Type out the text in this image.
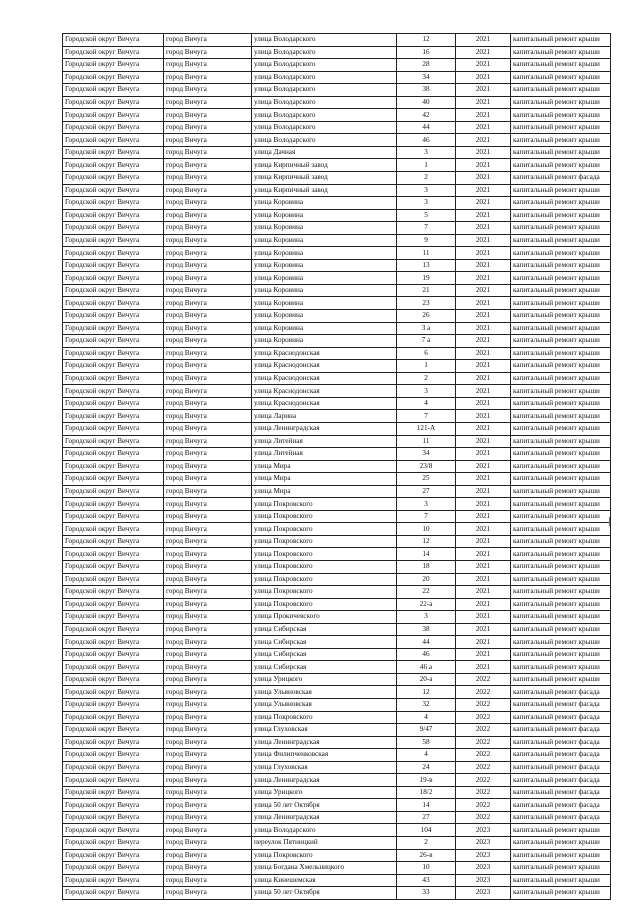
Городской округ Вичуга	город Вичуга	улица Володарского	12	2021	капитальный ремонт крыши
Городской округ Вичуга	город Вичуга	улица Володарского	16	2021	капитальный ремонт крыши
Городской округ Вичуга	город Вичуга	улица Володарского	28	2021	капитальный ремонт крыши
Городской округ Вичуга	город Вичуга	улица Володарского	34	2021	капитальный ремонт крыши
Городской округ Вичуга	город Вичуга	улица Володарского	38	2021	капитальный ремонт крыши
Городской округ Вичуга	город Вичуга	улица Володарского	40	2021	капитальный ремонт крыши
Городской округ Вичуга	город Вичуга	улица Володарского	42	2021	капитальный ремонт крыши
Городской округ Вичуга	город Вичуга	улица Володарского	44	2021	капитальный ремонт крыши
Городской округ Вичуга	город Вичуга	улица Володарского	46	2021	капитальный ремонт крыши
Городской округ Вичуга	город Вичуга	улица Дачная	3	2021	капитальный ремонт крыши
Городской округ Вичуга	город Вичуга	улица Кирпичный завод	1	2021	капитальный ремонт крыши
Городской округ Вичуга	город Вичуга	улица Кирпичный завод	2	2021	капитальный ремонт фасада
Городской округ Вичуга	город Вичуга	улица Кирпичный завод	3	2021	капитальный ремонт крыши
Городской округ Вичуга	город Вичуга	улица Коровина	3	2021	капитальный ремонт крыши
Городской округ Вичуга	город Вичуга	улица Коровина	5	2021	капитальный ремонт крыши
Городской округ Вичуга	город Вичуга	улица Коровина	7	2021	капитальный ремонт крыши
Городской округ Вичуга	город Вичуга	улица Коровина	9	2021	капитальный ремонт крыши
Городской округ Вичуга	город Вичуга	улица Коровина	11	2021	капитальный ремонт крыши
Городской округ Вичуга	город Вичуга	улица Коровина	13	2021	капитальный ремонт крыши
Городской округ Вичуга	город Вичуга	улица Коровина	19	2021	капитальный ремонт крыши
Городской округ Вичуга	город Вичуга	улица Коровина	21	2021	капитальный ремонт крыши
Городской округ Вичуга	город Вичуга	улица Коровина	23	2021	капитальный ремонт крыши
Городской округ Вичуга	город Вичуга	улица Коровина	26	2021	капитальный ремонт крыши
Городской округ Вичуга	город Вичуга	улица Коровина	3 а	2021	капитальный ремонт крыши
Городской округ Вичуга	город Вичуга	улица Коровина	7 а	2021	капитальный ремонт крыши
Городской округ Вичуга	город Вичуга	улица Краснодонская	6	2021	капитальный ремонт крыши
Городской округ Вичуга	город Вичуга	улица Краснодонская	1	2021	капитальный ремонт крыши
Городской округ Вичуга	город Вичуга	улица Краснодонская	2	2021	капитальный ремонт крыши
Городской округ Вичуга	город Вичуга	улица Краснодонская	3	2021	капитальный ремонт крыши
Городской округ Вичуга	город Вичуга	улица Краснодонская	4	2021	капитальный ремонт крыши
Городской округ Вичуга	город Вичуга	улица Ларина	7	2021	капитальный ремонт крыши
Городской округ Вичуга	город Вичуга	улица Ленинградская	121-А	2021	капитальный ремонт крыши
Городской округ Вичуга	город Вичуга	улица Литейная	11	2021	капитальный ремонт крыши
Городской округ Вичуга	город Вичуга	улица Литейная	34	2021	капитальный ремонт крыши
Городской округ Вичуга	город Вичуга	улица Мира	23/8	2021	капитальный ремонт крыши
Городской округ Вичуга	город Вичуга	улица Мира	25	2021	капитальный ремонт крыши
Городской округ Вичуга	город Вичуга	улица Мира	27	2021	капитальный ремонт крыши
Городской округ Вичуга	город Вичуга	улица Покровского	3	2021	капитальный ремонт крыши
Городской округ Вичуга	город Вичуга	улица Покровского	7	2021	капитальный ремонт крыши
Городской округ Вичуга	город Вичуга	улица Покровского	10	2021	капитальный ремонт крыши
Городской округ Вичуга	город Вичуга	улица Покровского	12	2021	капитальный ремонт крыши
Городской округ Вичуга	город Вичуга	улица Покровского	14	2021	капитальный ремонт крыши
Городской округ Вичуга	город Вичуга	улица Покровского	18	2021	капитальный ремонт крыши
Городской округ Вичуга	город Вичуга	улица Покровского	20	2021	капитальный ремонт крыши
Городской округ Вичуга	город Вичуга	улица Покровского	22	2021	капитальный ремонт крыши
Городской округ Вичуга	город Вичуга	улица Покровского	22-а	2021	капитальный ремонт крыши
Городской округ Вичуга	город Вичуга	улица Прокичевского	3	2021	капитальный ремонт крыши
Городской округ Вичуга	город Вичуга	улица Сибирская	38	2021	капитальный ремонт крыши
Городской округ Вичуга	город Вичуга	улица Сибирская	44	2021	капитальный ремонт крыши
Городской округ Вичуга	город Вичуга	улица Сибирская	46	2021	капитальный ремонт крыши
Городской округ Вичуга	город Вичуга	улица Сибирская	46 а	2021	капитальный ремонт крыши
Городской округ Вичуга	город Вичуга	улица Урицкого	20-а	2022	капитальный ремонт крыши
Городской округ Вичуга	город Вичуга	улица Ульяновская	12	2022	капитальный ремонт фасада
Городской округ Вичуга	город Вичуга	улица Ульяновская	32	2022	капитальный ремонт фасада
Городской округ Вичуга	город Вичуга	улица Покровского	4	2022	капитальный ремонт фасада
Городской округ Вичуга	город Вичуга	улица Глуховская	9/47	2022	капитальный ремонт фасада
Городской округ Вичуга	город Вичуга	улица Ленинградская	58	2022	капитальный ремонт фасада
Городской округ Вичуга	город Вичуга	улица Филипченковская	4	2022	капитальный ремонт фасада
Городской округ Вичуга	город Вичуга	улица Глуховская	24	2022	капитальный ремонт фасада
Городской округ Вичуга	город Вичуга	улица Ленинградская	19-в	2022	капитальный ремонт фасада
Городской округ Вичуга	город Вичуга	улица Урицкого	18/2	2022	капитальный ремонт фасада
Городской округ Вичуга	город Вичуга	улица 50 лет Октября	14	2022	капитальный ремонт фасада
Городской округ Вичуга	город Вичуга	улица Ленинградская	27	2022	капитальный ремонт фасада
Городской округ Вичуга	город Вичуга	улица Володарского	104	2023	капитальный ремонт крыши
Городской округ Вичуга	город Вичуга	переулок Пятницкий	2	2023	капитальный ремонт крыши
Городской округ Вичуга	город Вичуга	улица Покровского	26-в	2023	капитальный ремонт крыши
Городской округ Вичуга	город Вичуга	улица Богдана Хмельницкого	10	2023	капитальный ремонт крыши
Городской округ Вичуга	город Вичуга	улица Кинешемская	43	2023	капитальный ремонт крыши
Городской округ Вичуга	город Вичуга	улица 50 лет Октября	33	2023	капитальный ремонт крыши
